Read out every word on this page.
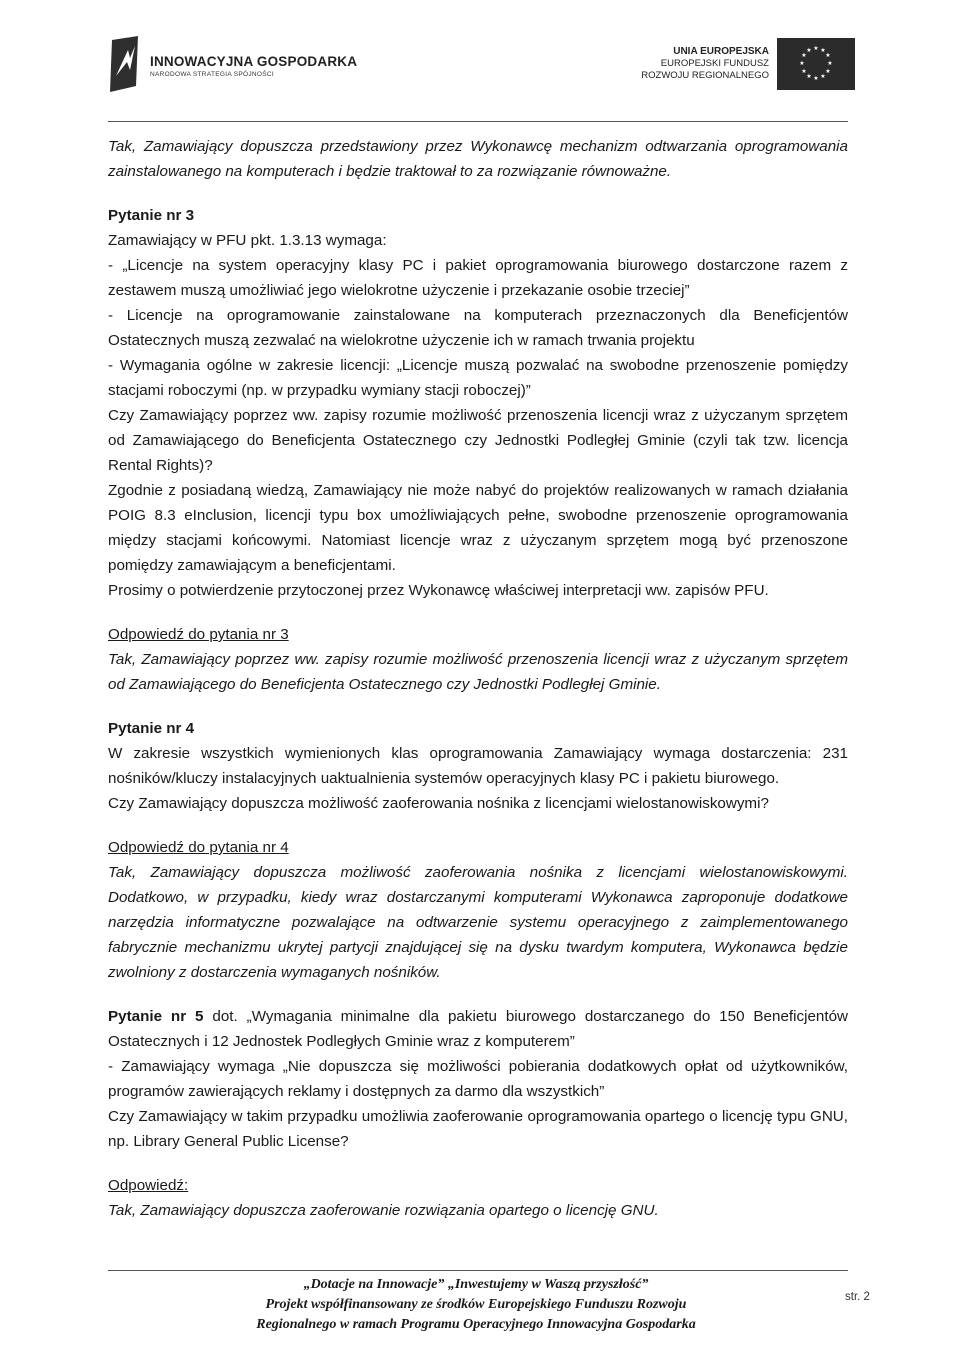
INNOWACYJNA GOSPODARKA
NARODOWA STRATEGIA SPÓJNOŚCI
UNIA EUROPEJSKA
EUROPEJSKI FUNDUSZ
ROZWOJU REGIONALNEGO
★ ★
★
★
★
★
★
★
★
★
★
★

Tak, Zamawiający dopuszcza przedstawiony przez Wykonawcę mechanizm odtwarzania oprogramowania zainstalowanego na komputerach i będzie traktował to za rozwiązanie równoważne.

Pytanie nr 3

Zamawiający w PFU pkt. 1.3.13 wymaga:

- „Licencje na system operacyjny klasy PC i pakiet oprogramowania biurowego dostarczone razem z zestawem muszą umożliwiać jego wielokrotne użyczenie i przekazanie osobie trzeciej”

- Licencje na oprogramowanie zainstalowane na komputerach przeznaczonych dla Beneficjentów Ostatecznych muszą zezwalać na wielokrotne użyczenie ich w ramach trwania projektu

- Wymagania ogólne w zakresie licencji: „Licencje muszą pozwalać na swobodne przenoszenie pomiędzy stacjami roboczymi (np. w przypadku wymiany stacji roboczej)”

Czy Zamawiający poprzez ww. zapisy rozumie możliwość przenoszenia licencji wraz z użyczanym sprzętem od Zamawiającego do Beneficjenta Ostatecznego czy Jednostki Podległej Gminie (czyli tak tzw. licencja Rental Rights)?

Zgodnie z posiadaną wiedzą, Zamawiający nie może nabyć do projektów realizowanych w ramach działania POIG 8.3 eInclusion, licencji typu box umożliwiających pełne, swobodne przenoszenie oprogramowania między stacjami końcowymi. Natomiast licencje wraz z użyczanym sprzętem mogą być przenoszone pomiędzy zamawiającym a beneficjentami.

Prosimy o potwierdzenie przytoczonej przez Wykonawcę właściwej interpretacji ww. zapisów PFU.

Odpowiedź do pytania nr 3

Tak, Zamawiający poprzez ww. zapisy rozumie możliwość przenoszenia licencji wraz z użyczanym sprzętem od Zamawiającego do Beneficjenta Ostatecznego czy Jednostki Podległej Gminie.

Pytanie nr 4

W zakresie wszystkich wymienionych klas oprogramowania Zamawiający wymaga dostarczenia: 231 nośników/kluczy instalacyjnych uaktualnienia systemów operacyjnych klasy PC i pakietu biurowego.

Czy Zamawiający dopuszcza możliwość zaoferowania nośnika z licencjami wielostanowiskowymi?

Odpowiedź do pytania nr 4

Tak, Zamawiający dopuszcza możliwość zaoferowania nośnika z licencjami wielostanowiskowymi. Dodatkowo, w przypadku, kiedy wraz dostarczanymi komputerami Wykonawca zaproponuje dodatkowe narzędzia informatyczne pozwalające na odtwarzenie systemu operacyjnego z zaimplementowanego fabrycznie mechanizmu ukrytej partycji znajdującej się na dysku twardym komputera, Wykonawca będzie zwolniony z dostarczenia wymaganych nośników.

Pytanie nr 5 dot. „Wymagania minimalne dla pakietu biurowego dostarczanego do 150 Beneficjentów Ostatecznych i 12 Jednostek Podległych Gminie wraz z komputerem”

- Zamawiający wymaga „Nie dopuszcza się możliwości pobierania dodatkowych opłat od użytkowników, programów zawierających reklamy i dostępnych za darmo dla wszystkich”

Czy Zamawiający w takim przypadku umożliwia zaoferowanie oprogramowania opartego o licencję typu GNU, np. Library General Public License?

Odpowiedź:

Tak, Zamawiający dopuszcza zaoferowanie rozwiązania opartego o licencję GNU.

„Dotacje na Innowacje” „Inwestujemy w Waszą przyszłość”
Projekt współfinansowany ze środków Europejskiego Funduszu Rozwoju
Regionalnego w ramach Programu Operacyjnego Innowacyjna Gospodarka
str. 2
